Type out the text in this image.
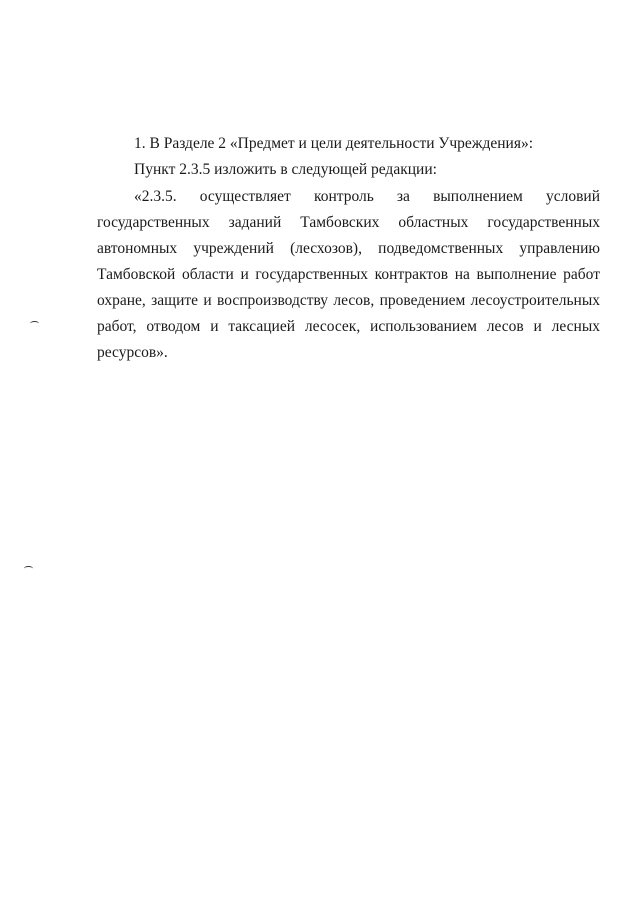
1. В Разделе 2 «Предмет и цели деятельности Учреждения»:
Пункт 2.3.5 изложить в следующей редакции:
«2.3.5. осуществляет контроль за выполнением условий
государственных заданий Тамбовских областных государственных
автономных учреждений (лесхозов), подведомственных управлению
Тамбовской области и государственных контрактов на выполнение работ
охране, защите и воспроизводству лесов, проведением лесоустроительных
работ, отводом и таксацией лесосек, использованием лесов и лесных
ресурсов».
